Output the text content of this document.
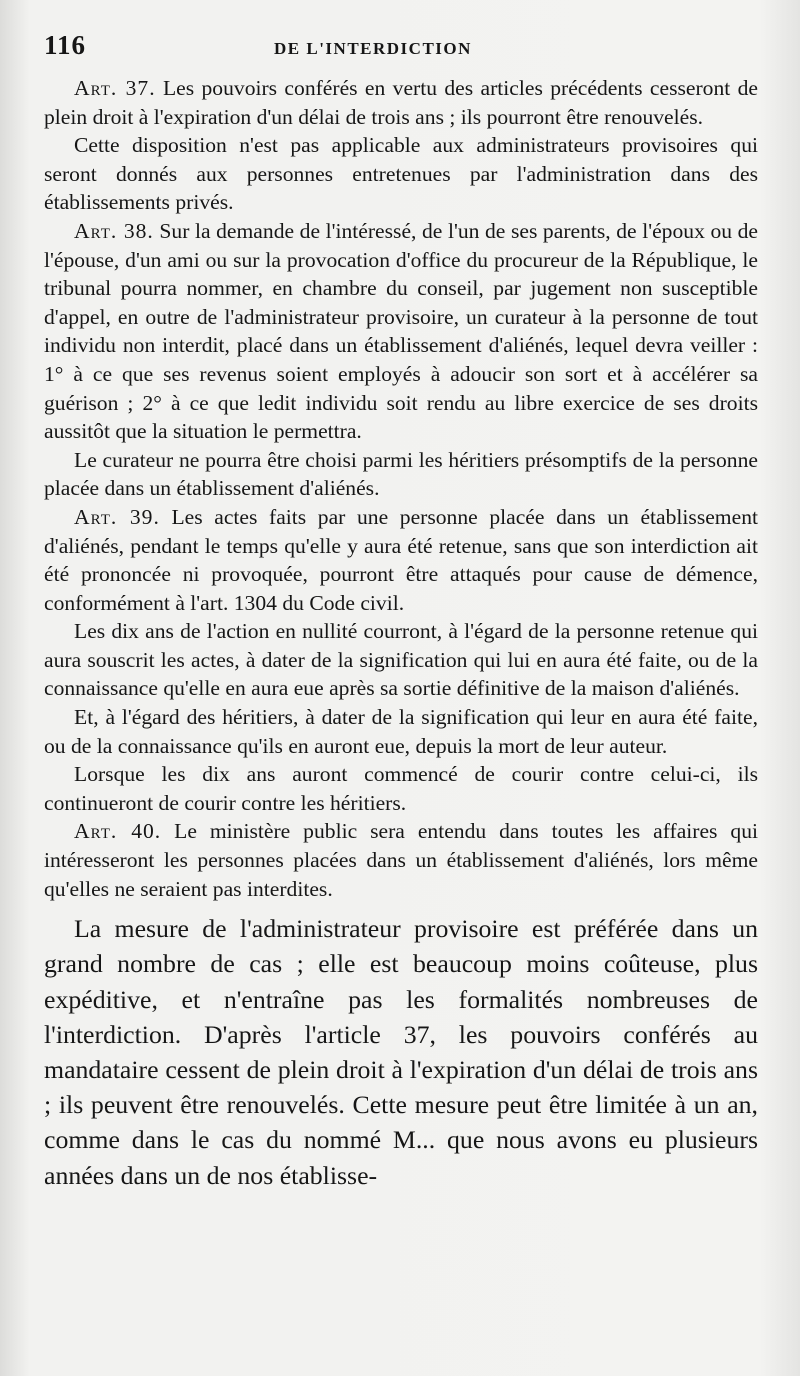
116	DE L'INTERDICTION

Art. 37. Les pouvoirs conférés en vertu des articles précédents cesseront de plein droit à l'expiration d'un délai de trois ans ; ils pourront être renouvelés.

Cette disposition n'est pas applicable aux administrateurs provisoires qui seront donnés aux personnes entretenues par l'administration dans des établissements privés.

Art. 38. Sur la demande de l'intéressé, de l'un de ses parents, de l'époux ou de l'épouse, d'un ami ou sur la provocation d'office du procureur de la République, le tribunal pourra nommer, en chambre du conseil, par jugement non susceptible d'appel, en outre de l'administrateur provisoire, un curateur à la personne de tout individu non interdit, placé dans un établissement d'aliénés, lequel devra veiller : 1° à ce que ses revenus soient employés à adoucir son sort et à accélérer sa guérison ; 2° à ce que ledit individu soit rendu au libre exercice de ses droits aussitôt que la situation le permettra.

Le curateur ne pourra être choisi parmi les héritiers présomptifs de la personne placée dans un établissement d'aliénés.

Art. 39. Les actes faits par une personne placée dans un établissement d'aliénés, pendant le temps qu'elle y aura été retenue, sans que son interdiction ait été prononcée ni provoquée, pourront être attaqués pour cause de démence, conformément à l'art. 1304 du Code civil.

Les dix ans de l'action en nullité courront, à l'égard de la personne retenue qui aura souscrit les actes, à dater de la signification qui lui en aura été faite, ou de la connaissance qu'elle en aura eue après sa sortie définitive de la maison d'aliénés.

Et, à l'égard des héritiers, à dater de la signification qui leur en aura été faite, ou de la connaissance qu'ils en auront eue, depuis la mort de leur auteur.

Lorsque les dix ans auront commencé de courir contre celui-ci, ils continueront de courir contre les héritiers.

Art. 40. Le ministère public sera entendu dans toutes les affaires qui intéresseront les personnes placées dans un établissement d'aliénés, lors même qu'elles ne seraient pas interdites.

La mesure de l'administrateur provisoire est préférée dans un grand nombre de cas ; elle est beaucoup moins coûteuse, plus expéditive, et n'entraîne pas les formalités nombreuses de l'interdiction. D'après l'article 37, les pouvoirs conférés au mandataire cessent de plein droit à l'expiration d'un délai de trois ans ; ils peuvent être renouvelés. Cette mesure peut être limitée à un an, comme dans le cas du nommé M... que nous avons eu plusieurs années dans un de nos établisse-
